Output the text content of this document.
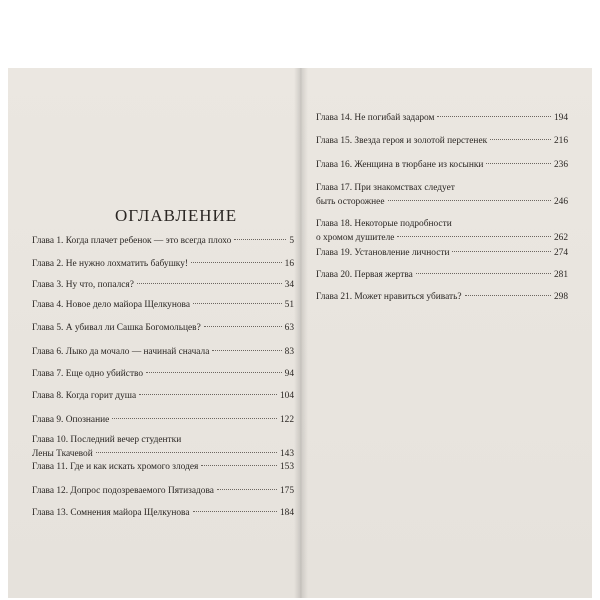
ОГЛАВЛЕНИЕ
Глава 1. Когда плачет ребенок — это всегда плохо	5
Глава 2. Не нужно лохматить бабушку!	16
Глава 3. Ну что, попался?	34
Глава 4. Новое дело майора Щелкунова	51
Глава 5. А убивал ли Сашка Богомольцев?	63
Глава 6. Лыко да мочало — начинай сначала	83
Глава 7. Еще одно убийство	94
Глава 8. Когда горит душа	104
Глава 9. Опознание	122
Глава 10. Последний вечер студентки
Лены Ткачевой	143
Глава 11. Где и как искать хромого злодея	153
Глава 12. Допрос подозреваемого Пятизадова	175
Глава 13. Сомнения майора Щелкунова	184
Глава 14. Не погибай задаром	194
Глава 15. Звезда героя и золотой перстенек	216
Глава 16. Женщина в тюрбане из косынки	236
Глава 17. При знакомствах следует
быть осторожнее	246
Глава 18. Некоторые подробности
о хромом душителе	262
Глава 19. Установление личности	274
Глава 20. Первая жертва	281
Глава 21. Может нравиться убивать?	298
